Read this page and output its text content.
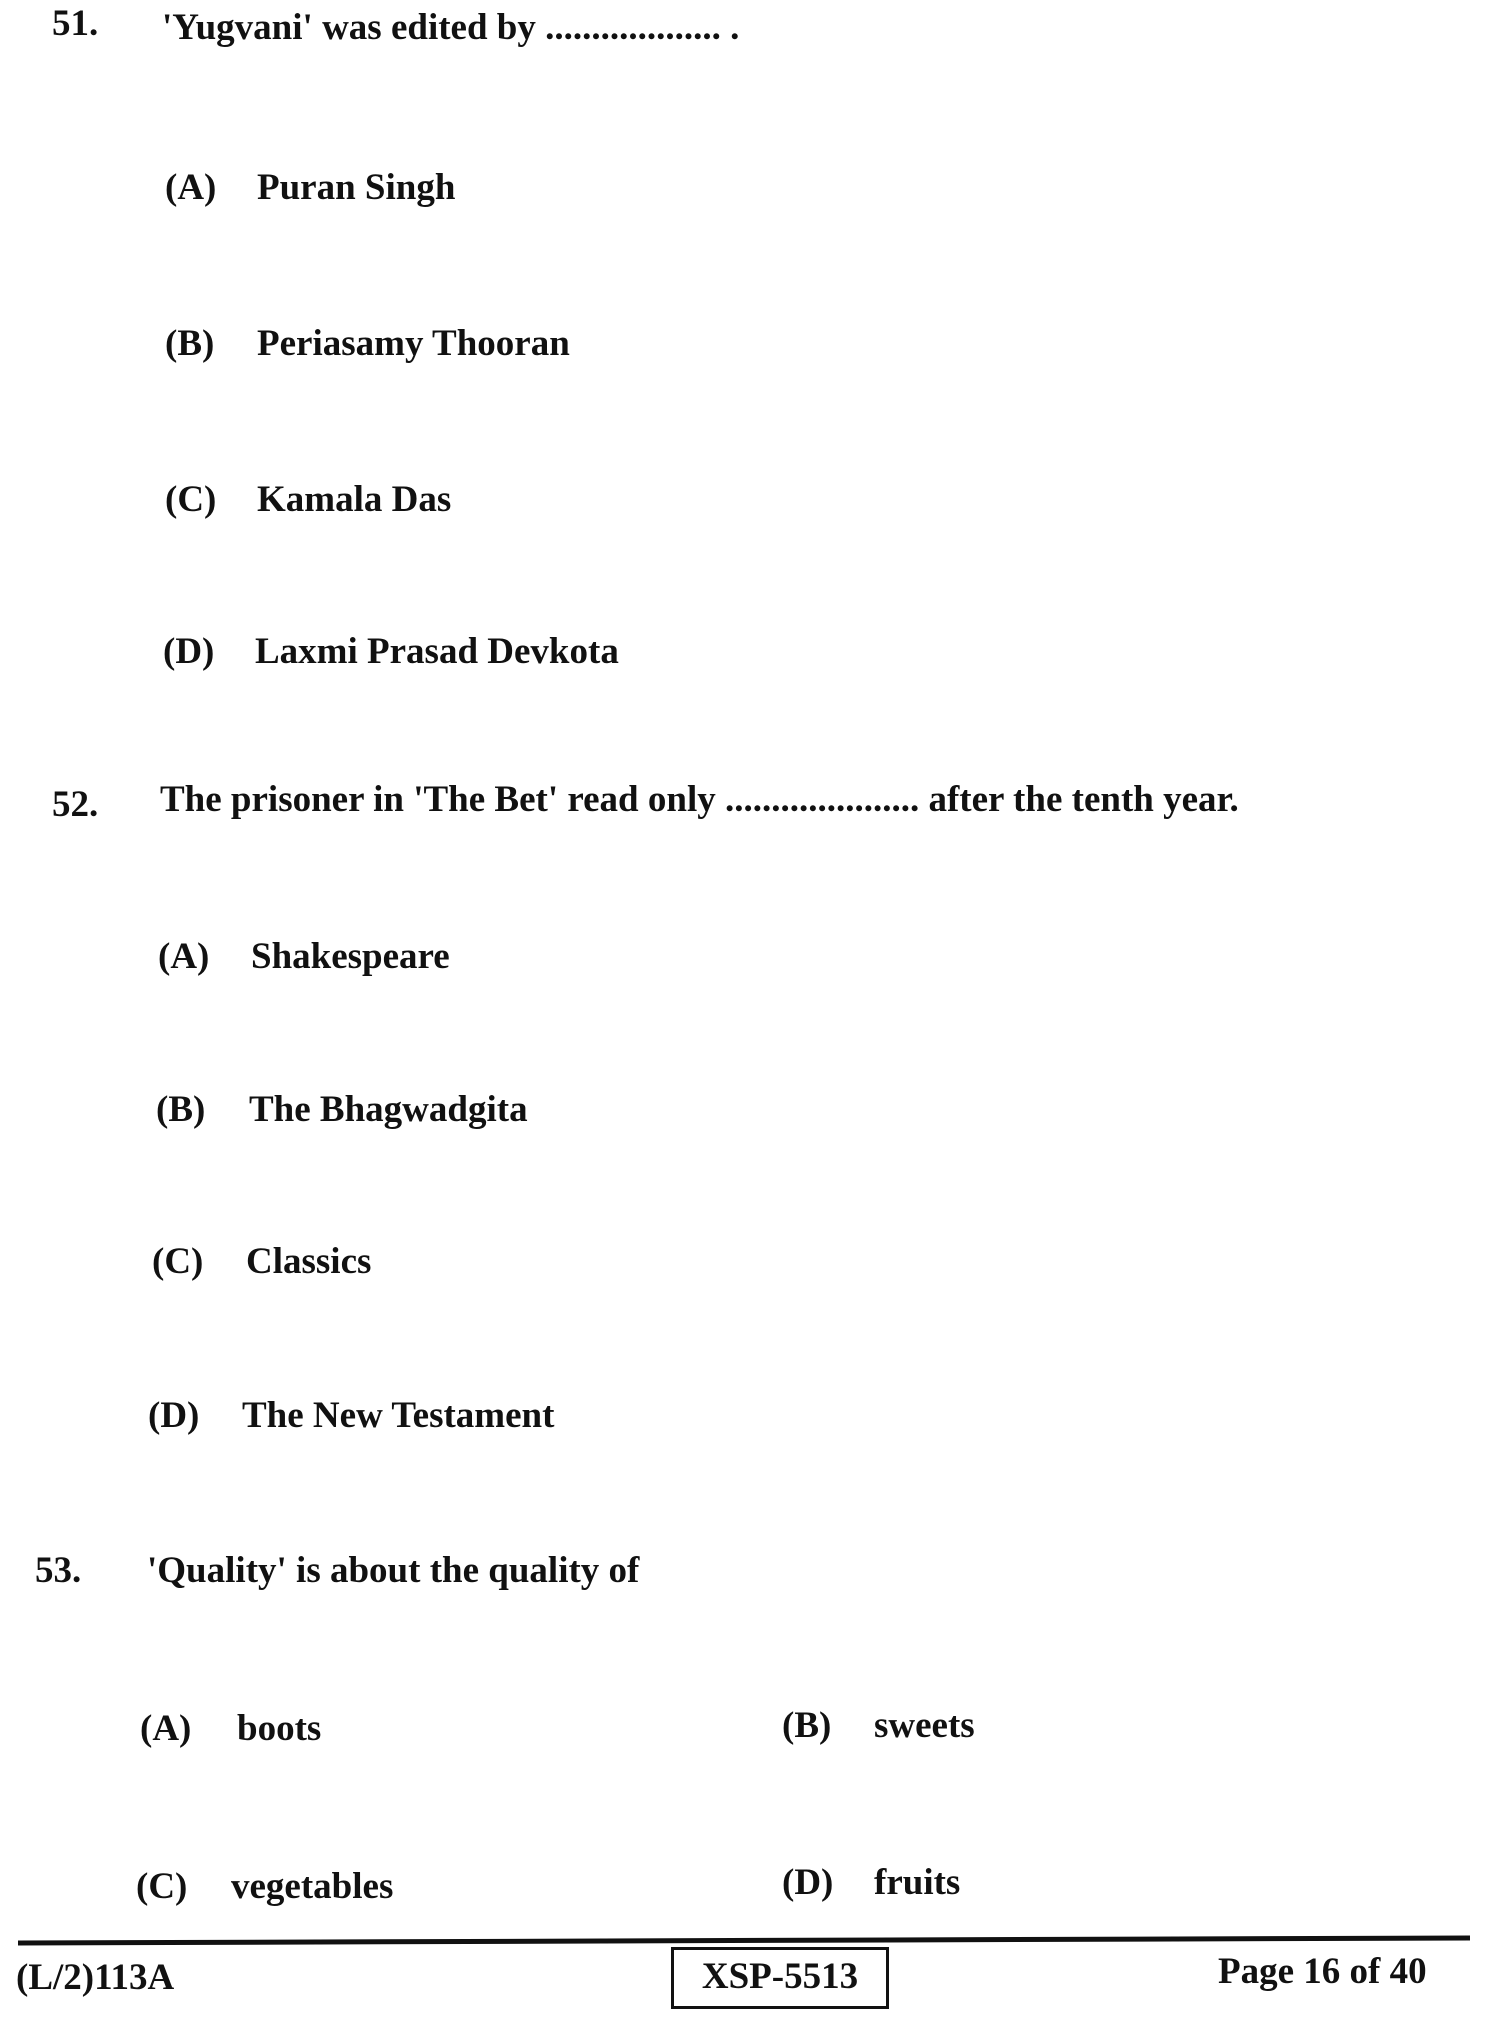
51. 'Yugvani' was edited by ................... .
(A) Puran Singh
(B) Periasamy Thooran
(C) Kamala Das
(D) Laxmi Prasad Devkota
52. The prisoner in 'The Bet' read only ..................... after the tenth year.
(A) Shakespeare
(B) The Bhagwadgita
(C) Classics
(D) The New Testament
53. 'Quality' is about the quality of
(A) boots	(B) sweets
(C) vegetables	(D) fruits
(L/2)113A	XSP-5513	Page 16 of 40
